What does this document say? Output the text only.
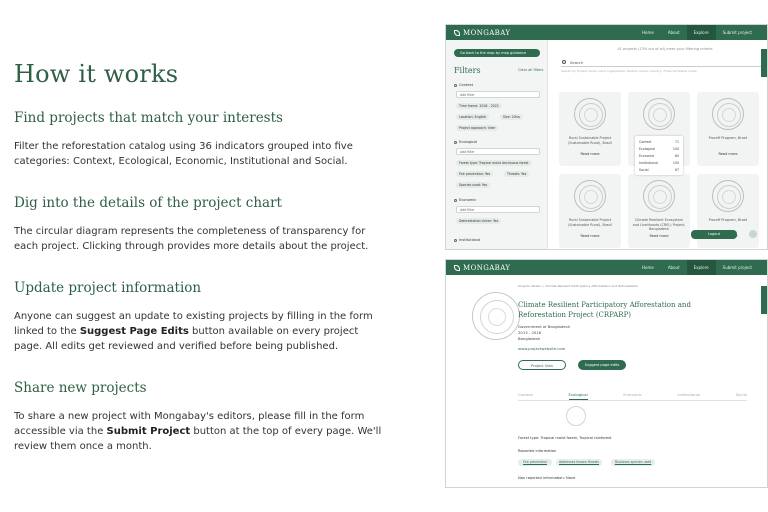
How it works
Find projects that match your interests

Filter the reforestation catalog using 36 indicators grouped into five categories: Context, Ecological, Economic, Institutional and Social.

Dig into the details of the project chart

The circular diagram represents the completeness of transparency for each project. Clicking through provides more details about the project.

Update project information

Anyone can suggest an update to existing projects by filling in the form linked to the Suggest Page Edits button available on every project page. All edits get reviewed and verified before being published.

Share new projects

To share a new project with Mongabay's editors, please fill in the form accessible via the Submit Project button at the top of every page. We'll review them once a month.

MONGABAY	Home	About	Explore	Submit project
Go back to the map by map guidance
Filters	Clear all filters
Context
Add filter
Time frame: 2018 - 2022
Location: English	Size: 20ha
Project approach: Inter
Ecological
Add filter
Forest type: Tropical moist deciduous forest
Fire prevention: Yes	Threats: Yes
Species used: Yes
Economic
Add filter
Deforestation driver: Yes
Institutional
41 projects (13% out of all) meet your filtering criteria
Search
Search by Project name, Land organization, Partner name, Country, Financial Status name
Rural Sustainable Project (Sustainable Rural), Brazil
Read more
Proceff Program, Brazil
Read more
Rural Sustainable Project (Sustainable Rural), Brazil
Read more
Climate Resilient Ecosystem and Livelihoods (CREL) Project, Bangladesh
Read more
Proceff Program, Brazil
Context	71
Ecological	100
Economic	60
Institutional	100
Social	67
Logout
MONGABAY	Home	About	Explore	Submit project
Projects details > Climate Resilient Participatory Afforestation and Reforestation
Climate Resilient Participatory Afforestation and Reforestation Project (CRPARP)
Government of Bangladesh
2013 - 2016
Bangladesh
www.projectwebsite.com
Project links	Suggest page edits
Context	Ecological	Economic	Institutional	Social
Forest type: Tropical moist forest, Tropical rainforest
Reported information
Fire prevention	Addresses known threats	Discloses species used
Non reported information: None
